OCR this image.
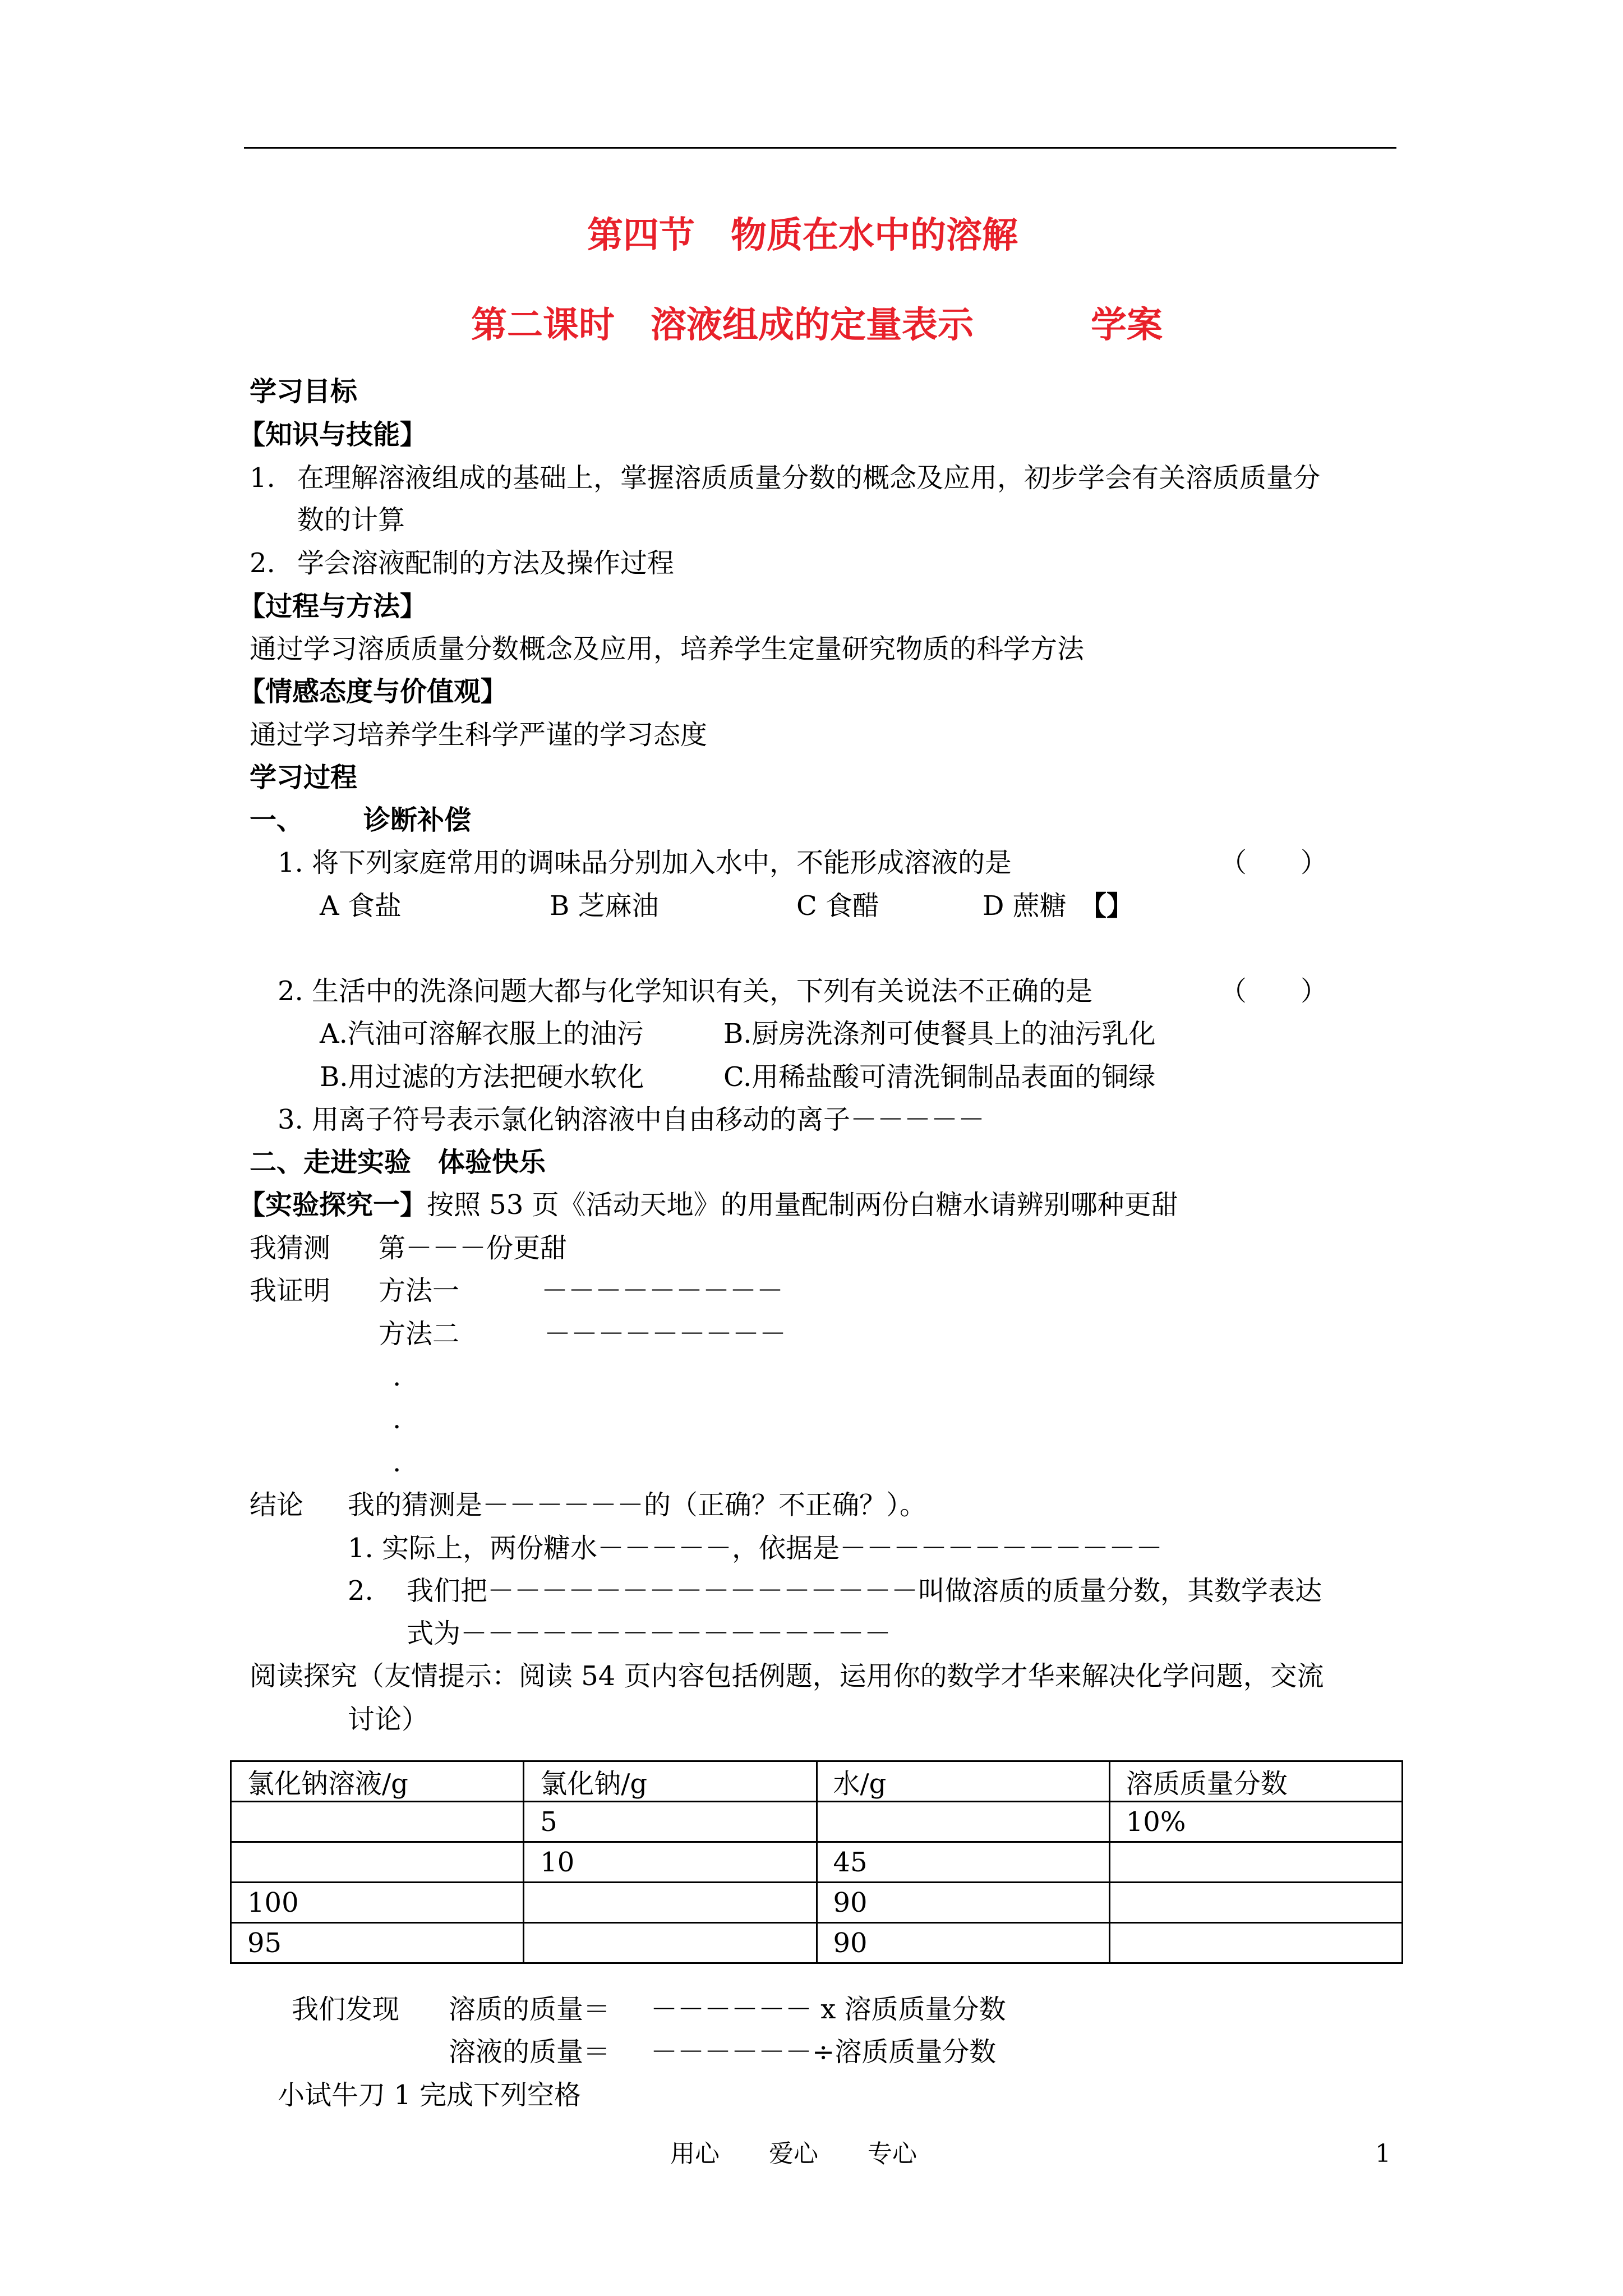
第四节　物质在水中的溶解
第二课时　溶液组成的定量表示	学案
学习目标
【知识与技能】
1. 在理解溶液组成的基础上，掌握溶质质量分数的概念及应用，初步学会有关溶质质量分
数的计算
2. 学会溶液配制的方法及操作过程
【过程与方法】
通过学习溶质质量分数概念及应用，培养学生定量研究物质的科学方法
【情感态度与价值观】
通过学习培养学生科学严谨的学习态度
学习过程
一、 诊断补偿
1. 将下列家庭常用的调味品分别加入水中，不能形成溶液的是	（　　）
A 食盐	B 芝麻油	C 食醋	D 蔗糖 【】
2. 生活中的洗涤问题大都与化学知识有关，下列有关说法不正确的是	（　　）
A.汽油可溶解衣服上的油污	B.厨房洗涤剂可使餐具上的油污乳化
B.用过滤的方法把硬水软化	C.用稀盐酸可清洗铜制品表面的铜绿
3. 用离子符号表示氯化钠溶液中自由移动的离子－－－－－
二、走进实验　体验快乐
【实验探究一】按照 53 页《活动天地》的用量配制两份白糖水请辨别哪种更甜
我猜测 第－－－份更甜
我证明 方法一	－－－－－－－－－
方法二	－－－－－－－－－
.
.
.
结论 我的猜测是－－－－－－的（正确？不正确？）。
1. 实际上，两份糖水－－－－－，依据是－－－－－－－－－－－－
2. 我们把－－－－－－－－－－－－－－－－叫做溶质的质量分数，其数学表达
式为－－－－－－－－－－－－－－－－
阅读探究（友情提示：阅读 54 页内容包括例题，运用你的数学才华来解决化学问题，交流
讨论）
氯化钠溶液/g	氯化钠/g	水/g	溶质质量分数
	5		10%
	10	45	
100		90	
95		90	
我们发现 溶质的质量＝ －－－－－－ x 溶质质量分数
溶液的质量＝ －－－－－－÷溶质质量分数
小试牛刀 1 完成下列空格
用心　　爱心　　专心	1
